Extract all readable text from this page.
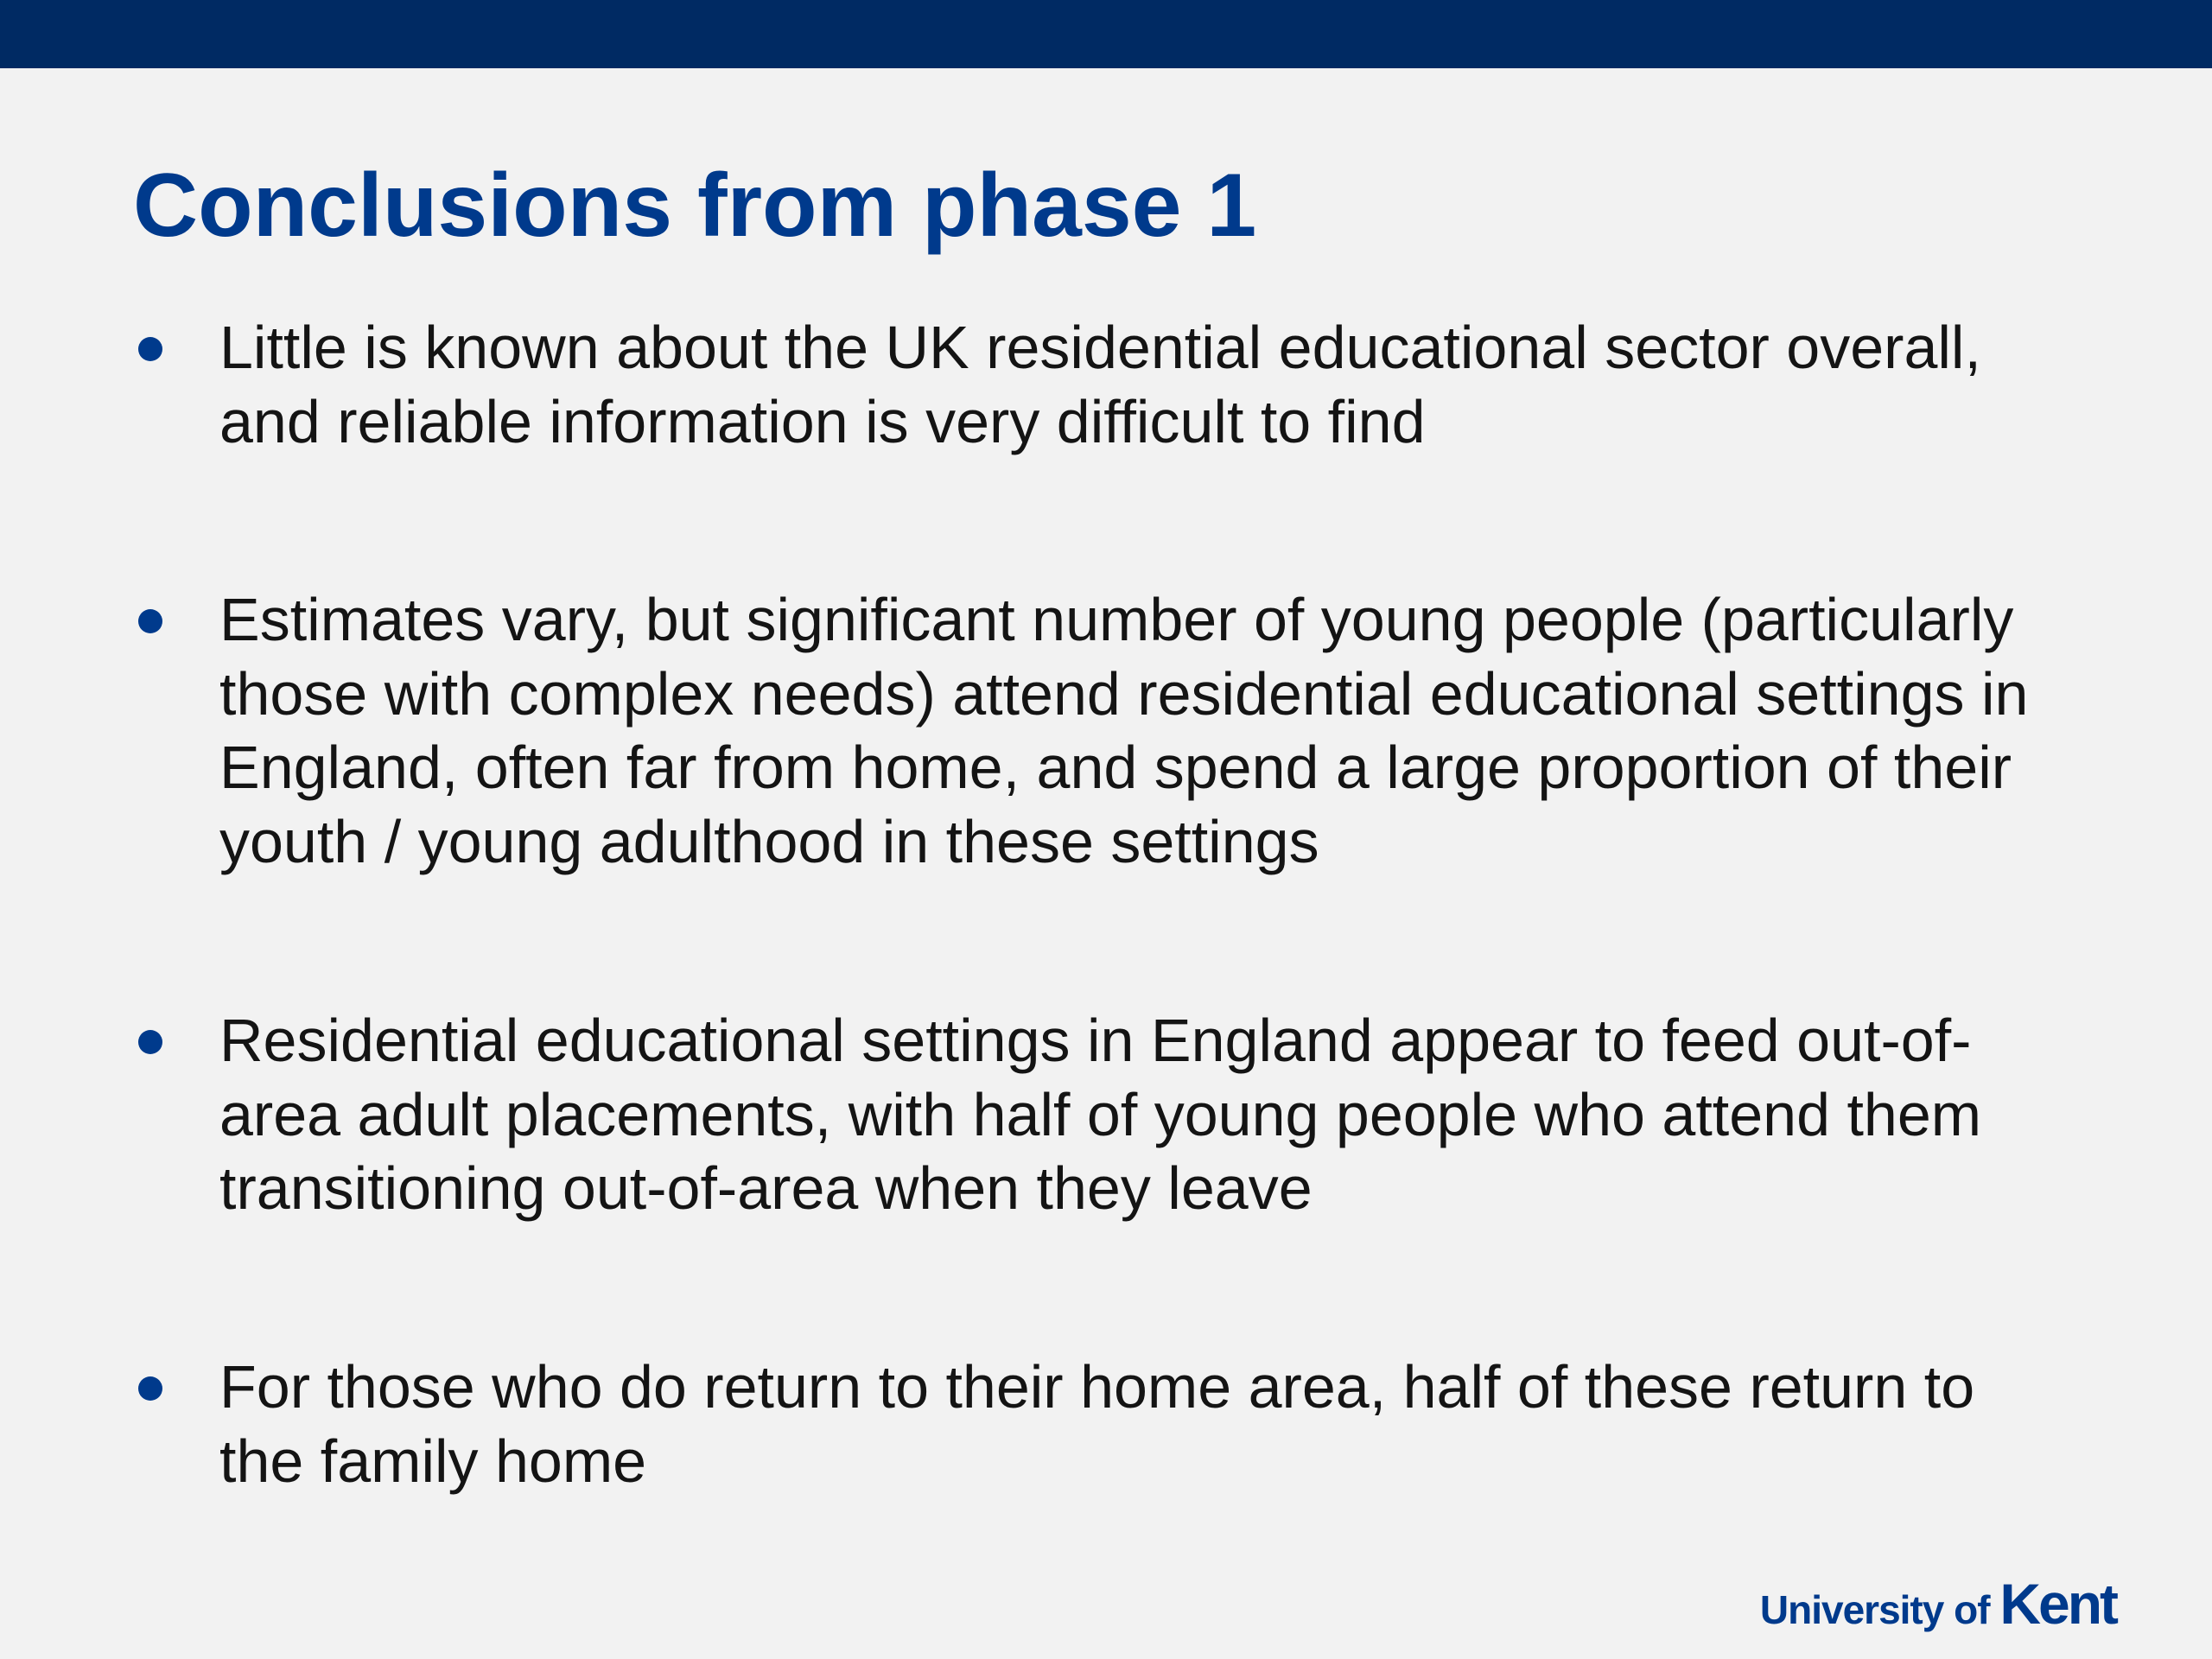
Conclusions from phase 1

Little is known about the UK residential educational sector overall,
and reliable information is very difficult to find

Estimates vary, but significant number of young people (particularly
those with complex needs) attend residential educational settings in
England, often far from home, and spend a large proportion of their
youth / young adulthood in these settings

Residential educational settings in England appear to feed out-of-
area adult placements, with half of young people who attend them
transitioning out-of-area when they leave

For those who do return to their home area, half of these return to
the family home

University of Kent
